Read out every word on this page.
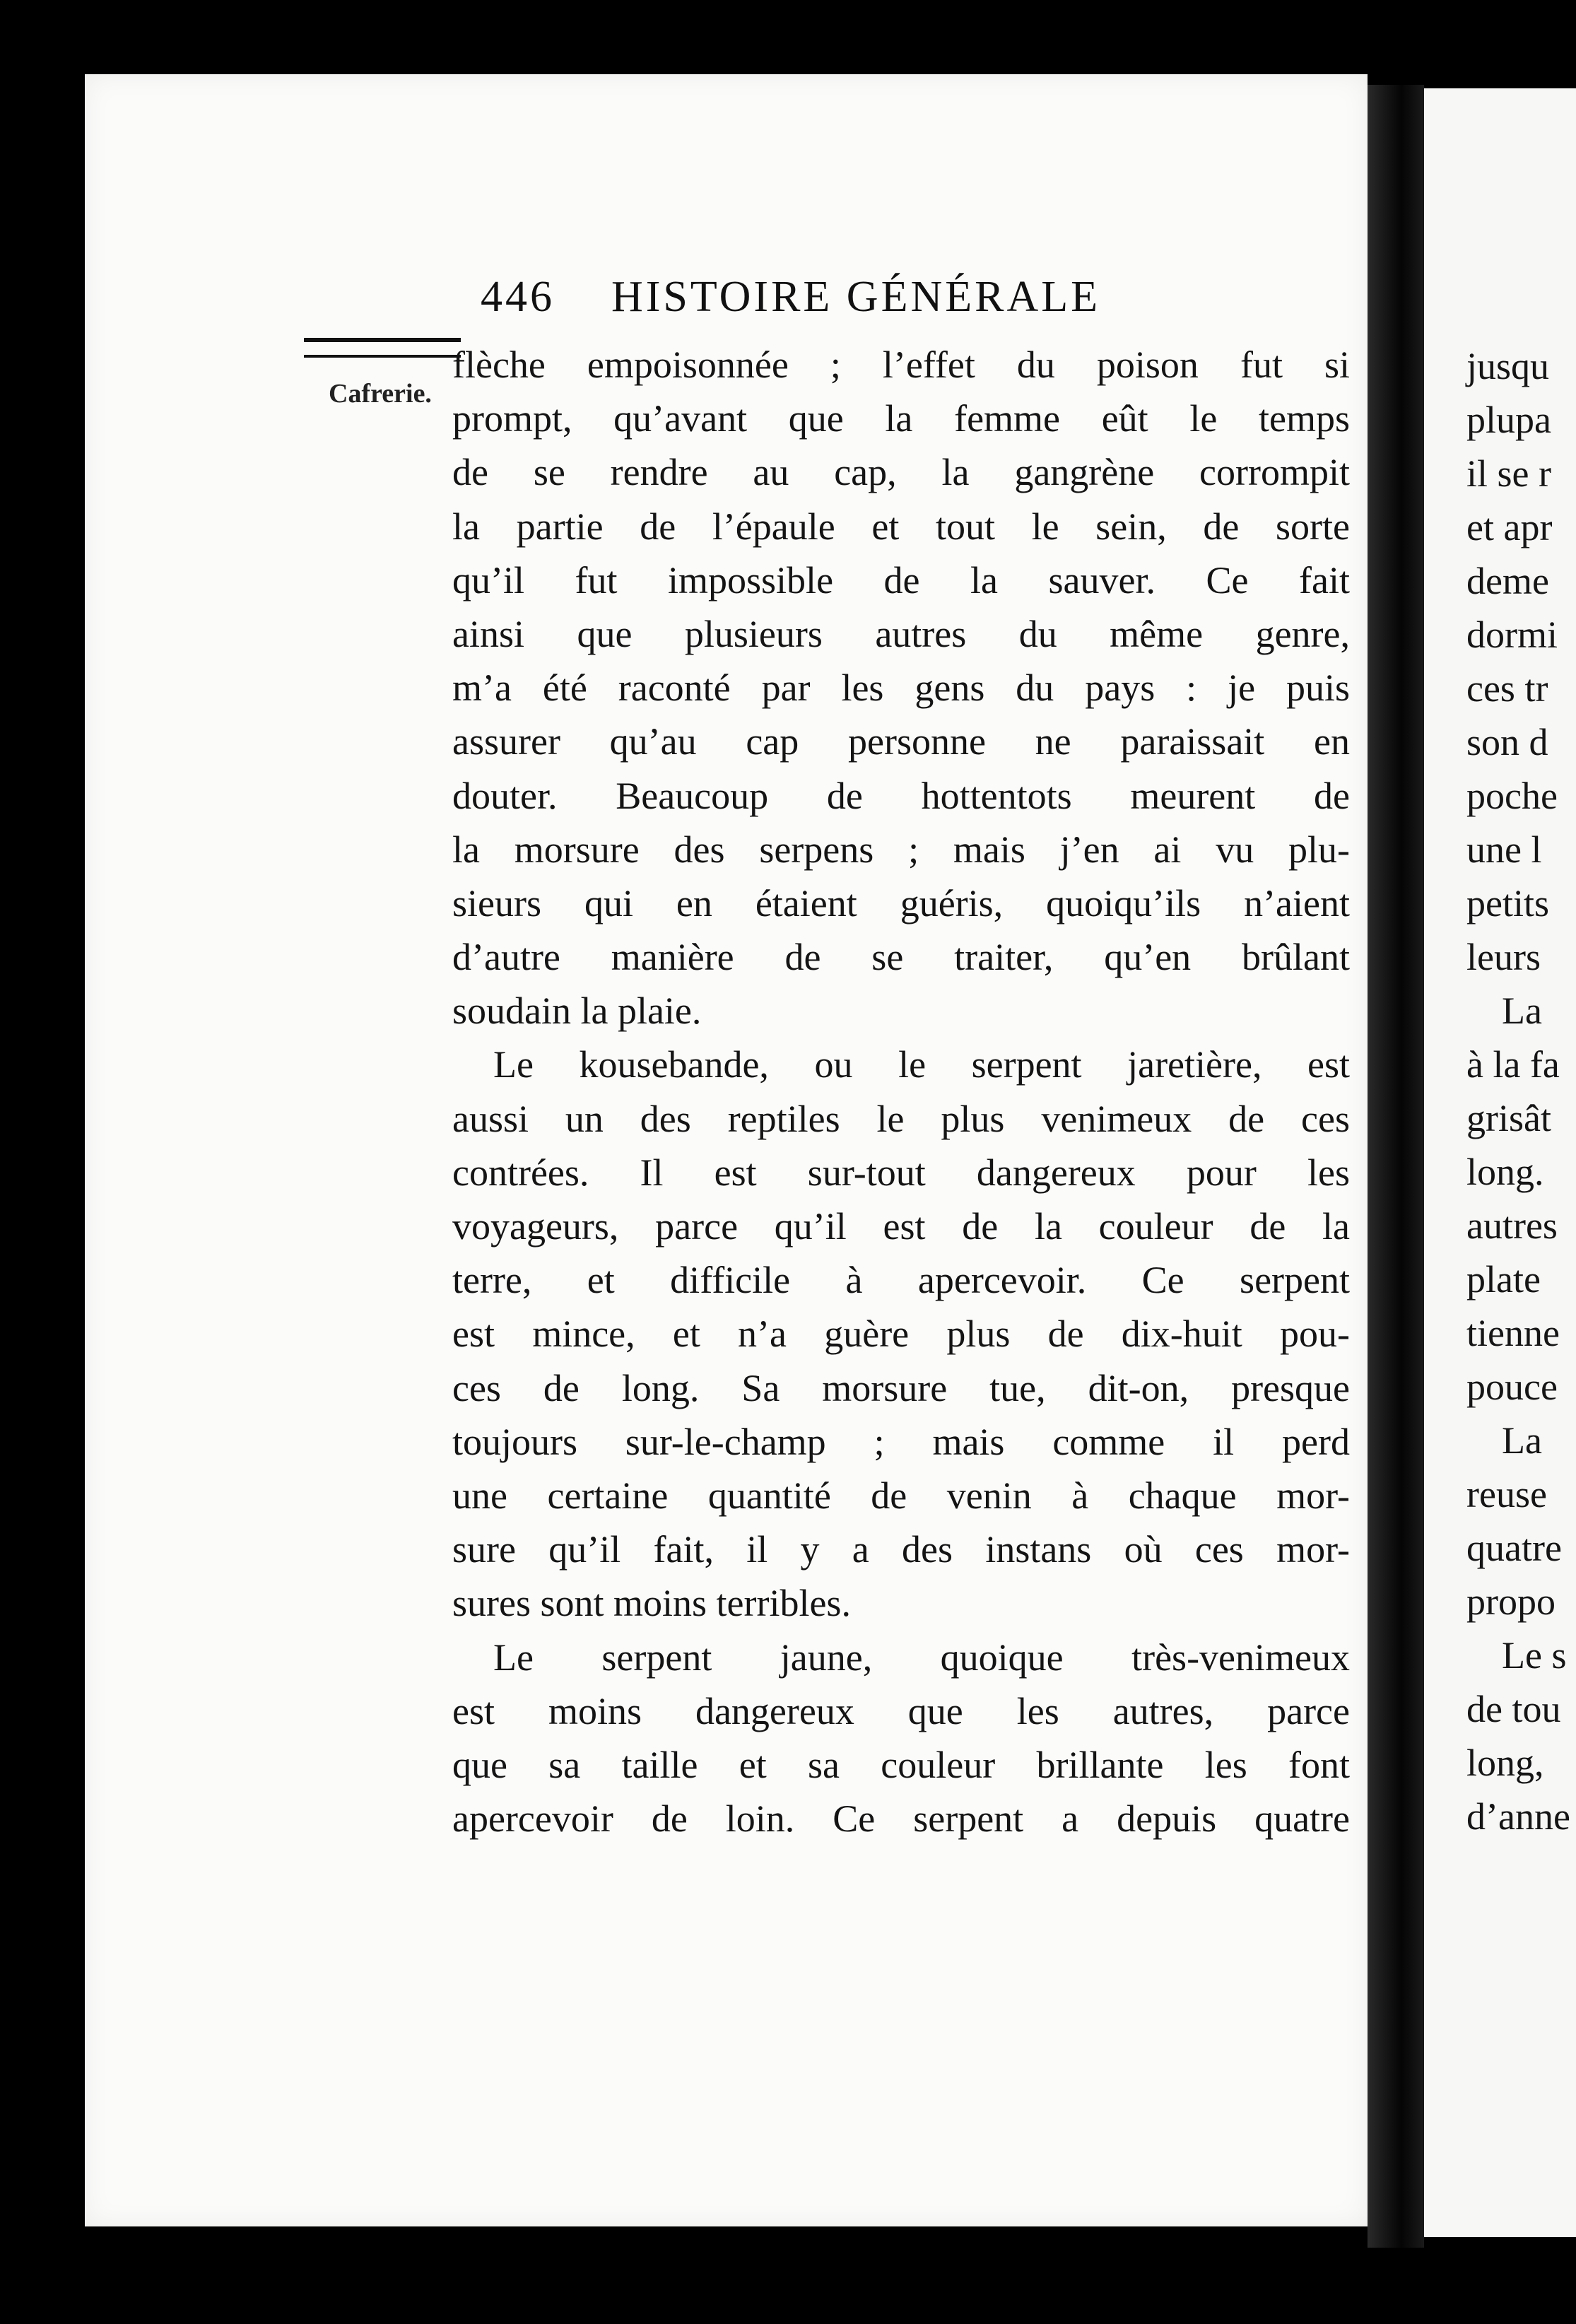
446 HISTOIRE GÉNÉRALE
Cafrerie.
flèche empoisonnée ; l’effet du poison fut si
prompt, qu’avant que la femme eût le temps
de se rendre au cap, la gangrène corrompit
la partie de l’épaule et tout le sein, de sorte
qu’il fut impossible de la sauver. Ce fait
ainsi que plusieurs autres du même genre,
m’a été raconté par les gens du pays : je puis
assurer qu’au cap personne ne paraissait en
douter. Beaucoup de hottentots meurent de
la morsure des serpens ; mais j’en ai vu plu-
sieurs qui en étaient guéris, quoiqu’ils n’aient
d’autre manière de se traiter, qu’en brûlant
soudain la plaie.
Le kousebande, ou le serpent jaretière, est
aussi un des reptiles le plus venimeux de ces
contrées. Il est sur-tout dangereux pour les
voyageurs, parce qu’il est de la couleur de la
terre, et difficile à apercevoir. Ce serpent
est mince, et n’a guère plus de dix-huit pou-
ces de long. Sa morsure tue, dit-on, presque
toujours sur-le-champ ; mais comme il perd
une certaine quantité de venin à chaque mor-
sure qu’il fait, il y a des instans où ces mor-
sures sont moins terribles.
Le serpent jaune, quoique très-venimeux
est moins dangereux que les autres, parce
que sa taille et sa couleur brillante les font
apercevoir de loin. Ce serpent a depuis quatre
jusqu
plupa
il se r
et apr
deme
dormi
ces tr
son d
poche
une l
petits
leurs
La
à la fa
grisât
long.
autres
plate
tienne
pouce
La
reuse
quatre
propo
Le s
de tou
long,
d’anne
